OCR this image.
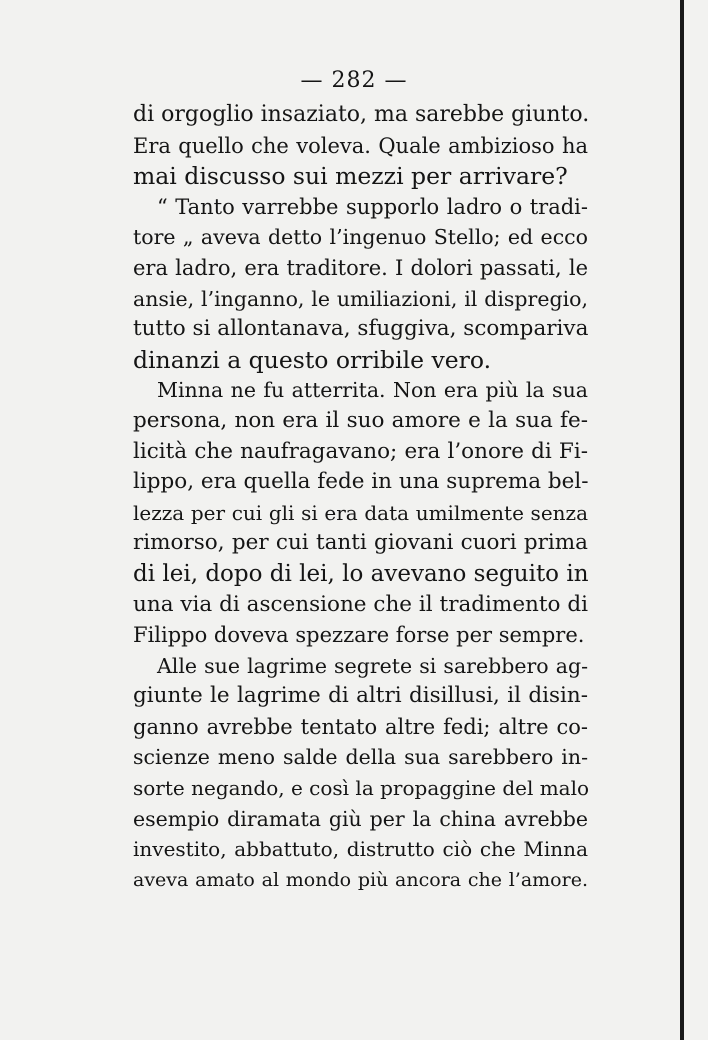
— 282 —
di orgoglio insaziato, ma sarebbe giunto.
Era quello che voleva. Quale ambizioso ha
mai discusso sui mezzi per arrivare?
“ Tanto varrebbe supporlo ladro o tradi-
tore „ aveva detto l’ingenuo Stello; ed ecco
era ladro, era traditore. I dolori passati, le
ansie, l’inganno, le umiliazioni, il dispregio,
tutto si allontanava, sfuggiva, scompariva
dinanzi a questo orribile vero.
Minna ne fu atterrita. Non era più la sua
persona, non era il suo amore e la sua fe-
licità che naufragavano; era l’onore di Fi-
lippo, era quella fede in una suprema bel-
lezza per cui gli si era data umilmente senza
rimorso, per cui tanti giovani cuori prima
di lei, dopo di lei, lo avevano seguito in
una via di ascensione che il tradimento di
Filippo doveva spezzare forse per sempre.
Alle sue lagrime segrete si sarebbero ag-
giunte le lagrime di altri disillusi, il disin-
ganno avrebbe tentato altre fedi; altre co-
scienze meno salde della sua sarebbero in-
sorte negando, e così la propaggine del malo
esempio diramata giù per la china avrebbe
investito, abbattuto, distrutto ciò che Minna
aveva amato al mondo più ancora che l’amore.
